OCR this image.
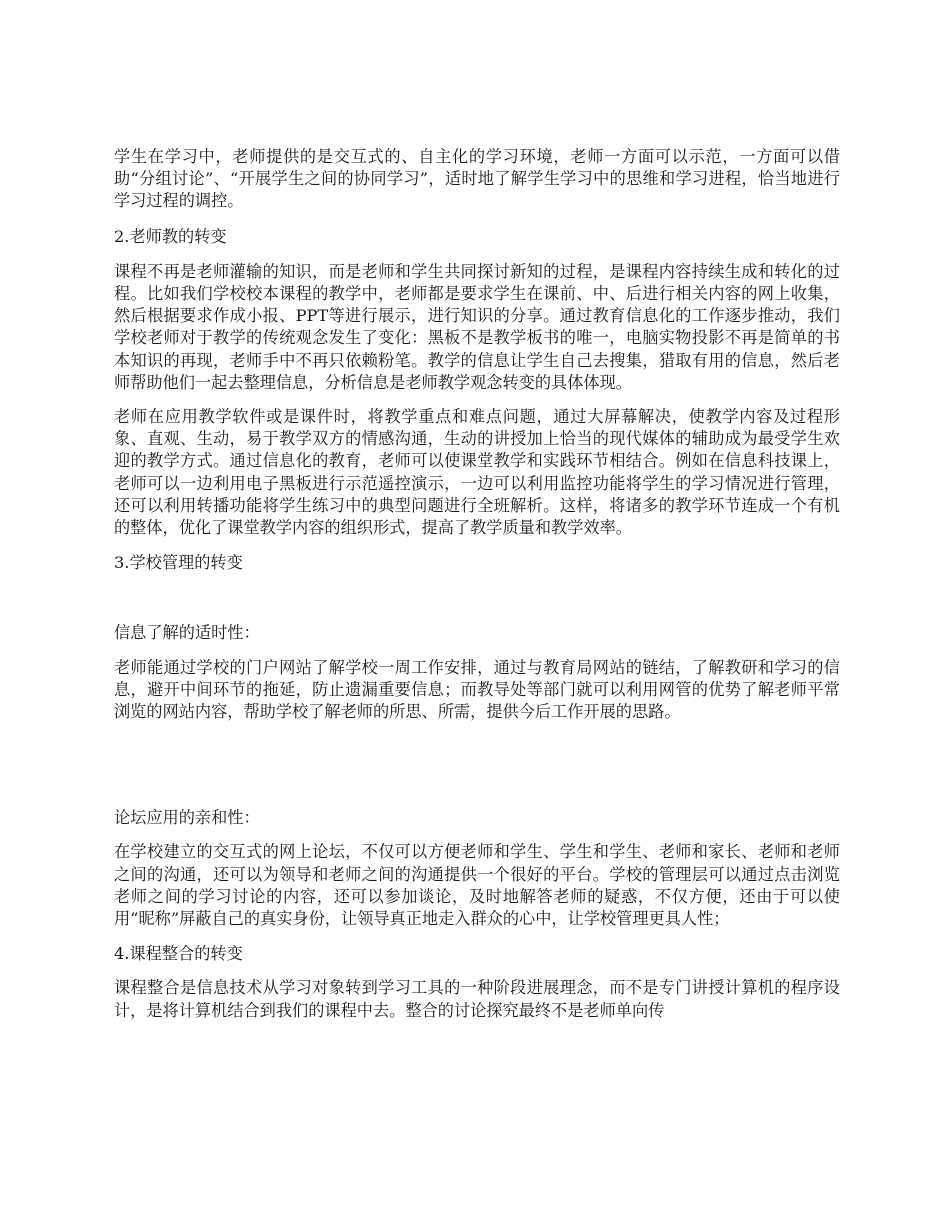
学生在学习中，老师提供的是交互式的、自主化的学习环境，老师一方面可以示范，一方面可以借助“分组讨论”、“开展学生之间的协同学习”，适时地了解学生学习中的思维和学习进程，恰当地进行学习过程的调控。

2.老师教的转变

课程不再是老师灌输的知识，而是老师和学生共同探讨新知的过程，是课程内容持续生成和转化的过程。比如我们学校校本课程的教学中，老师都是要求学生在课前、中、后进行相关内容的网上收集，然后根据要求作成小报、PPT等进行展示，进行知识的分享。通过教育信息化的工作逐步推动，我们学校老师对于教学的传统观念发生了变化：黑板不是教学板书的唯一，电脑实物投影不再是简单的书本知识的再现，老师手中不再只依赖粉笔。教学的信息让学生自己去搜集，猎取有用的信息，然后老师帮助他们一起去整理信息，分析信息是老师教学观念转变的具体体现。

老师在应用教学软件或是课件时，将教学重点和难点问题，通过大屏幕解决，使教学内容及过程形象、直观、生动，易于教学双方的情感沟通，生动的讲授加上恰当的现代媒体的辅助成为最受学生欢迎的教学方式。通过信息化的教育，老师可以使课堂教学和实践环节相结合。例如在信息科技课上，老师可以一边利用电子黑板进行示范遥控演示，一边可以利用监控功能将学生的学习情况进行管理，还可以利用转播功能将学生练习中的典型问题进行全班解析。这样，将诸多的教学环节连成一个有机的整体，优化了课堂教学内容的组织形式，提高了教学质量和教学效率。

3.学校管理的转变

信息了解的适时性：

老师能通过学校的门户网站了解学校一周工作安排，通过与教育局网站的链结，了解教研和学习的信息，避开中间环节的拖延，防止遗漏重要信息；而教导处等部门就可以利用网管的优势了解老师平常浏览的网站内容，帮助学校了解老师的所思、所需，提供今后工作开展的思路。

论坛应用的亲和性：

在学校建立的交互式的网上论坛，不仅可以方便老师和学生、学生和学生、老师和家长、老师和老师之间的沟通，还可以为领导和老师之间的沟通提供一个很好的平台。学校的管理层可以通过点击浏览老师之间的学习讨论的内容，还可以参加谈论，及时地解答老师的疑惑，不仅方便，还由于可以使用“昵称”屏蔽自己的真实身份，让领导真正地走入群众的心中，让学校管理更具人性；

4.课程整合的转变

课程整合是信息技术从学习对象转到学习工具的一种阶段进展理念，而不是专门讲授计算机的程序设计，是将计算机结合到我们的课程中去。整合的讨论探究最终不是老师单向传
